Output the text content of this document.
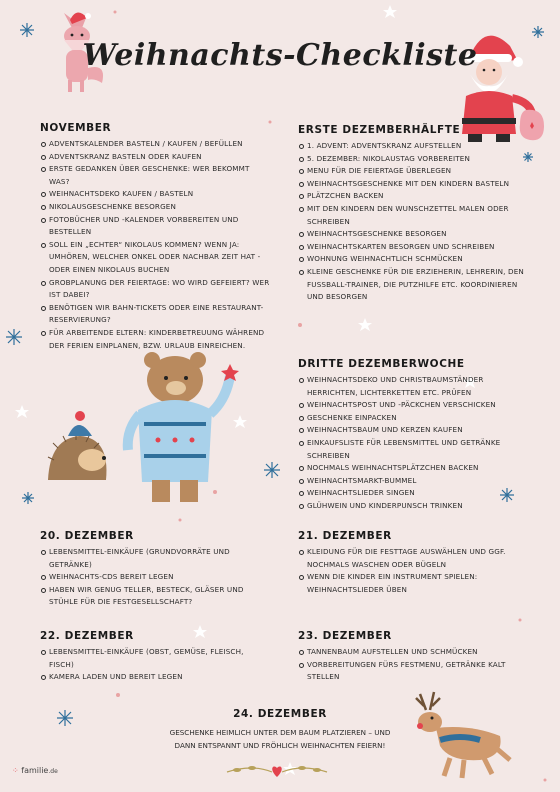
Weihnachts-Checkliste
NOVEMBER
ADVENTSKALENDER BASTELN / KAUFEN / BEFÜLLEN
ADVENTSKRANZ BASTELN ODER KAUFEN
ERSTE GEDANKEN ÜBER GESCHENKE: WER BEKOMMT WAS?
WEIHNACHTSDEKO KAUFEN / BASTELN
NIKOLAUSGESCHENKE BESORGEN
FOTOBÜCHER UND -KALENDER VORBEREITEN UND BESTELLEN
SOLL EIN „ECHTER“ NIKOLAUS KOMMEN? WENN JA: UMHÖREN, WELCHER ONKEL ODER NACHBAR ZEIT HAT - ODER EINEN NIKOLAUS BUCHEN
GROBPLANUNG DER FEIERTAGE: WO WIRD GEFEIERT? WER IST DABEI?
BENÖTIGEN WIR BAHN-TICKETS ODER EINE RESTAURANT-RESERVIERUNG?
FÜR ARBEITENDE ELTERN: KINDERBETREUUNG WÄHREND DER FERIEN EINPLANEN, BZW. URLAUB EINREICHEN.
ERSTE DEZEMBERHÄLFTE
1. ADVENT: ADVENTSKRANZ AUFSTELLEN
5. DEZEMBER: NIKOLAUSTAG VORBEREITEN
MENU FÜR DIE FEIERTAGE ÜBERLEGEN
WEIHNACHTSGESCHENKE MIT DEN KINDERN BASTELN
PLÄTZCHEN BACKEN
MIT DEN KINDERN DEN WUNSCHZETTEL MALEN ODER SCHREIBEN
WEIHNACHTSGESCHENKE BESORGEN
WEIHNACHTSKARTEN BESORGEN UND SCHREIBEN
WOHNUNG WEIHNACHTLICH SCHMÜCKEN
KLEINE GESCHENKE FÜR DIE ERZIEHERIN, LEHRERIN, DEN FUSSBALL-TRAINER, DIE PUTZHILFE ETC. KOORDINIEREN UND BESORGEN
DRITTE DEZEMBERWOCHE
WEIHNACHTSDEKO UND CHRISTBAUMSTÄNDER HERRICHTEN, LICHTERKETTEN ETC. PRÜFEN
WEIHNACHTSPOST UND -PÄCKCHEN VERSCHICKEN
GESCHENKE EINPACKEN
WEIHNACHTSBAUM UND KERZEN KAUFEN
EINKAUFSLISTE FÜR LEBENSMITTEL UND GETRÄNKE SCHREIBEN
NOCHMALS WEIHNACHTSPLÄTZCHEN BACKEN
WEIHNACHTSMARKT-BUMMEL
WEIHNACHTSLIEDER SINGEN
GLÜHWEIN UND KINDERPUNSCH TRINKEN
20. DEZEMBER
LEBENSMITTEL-EINKÄUFE (GRUNDVORRÄTE UND GETRÄNKE)
WEIHNACHTS-CDS BEREIT LEGEN
HABEN WIR GENUG TELLER, BESTECK, GLÄSER UND STÜHLE FÜR DIE FESTGESELLSCHAFT?
21. DEZEMBER
KLEIDUNG FÜR DIE FESTTAGE AUSWÄHLEN UND GGF. NOCHMALS WASCHEN ODER BÜGELN
WENN DIE KINDER EIN INSTRUMENT SPIELEN: WEIHNACHTSLIEDER ÜBEN
22. DEZEMBER
LEBENSMITTEL-EINKÄUFE (OBST, GEMÜSE, FLEISCH, FISCH)
KAMERA LADEN UND BEREIT LEGEN
23. DEZEMBER
TANNENBAUM AUFSTELLEN UND SCHMÜCKEN
VORBEREITUNGEN FÜRS FESTMENU, GETRÄNKE KALT STELLEN
24. DEZEMBER
GESCHENKE HEIMLICH UNTER DEM BAUM PLATZIEREN – UND
DANN ENTSPANNT UND FRÖHLICH WEIHNACHTEN FEIERN!
⁘ familie.de
